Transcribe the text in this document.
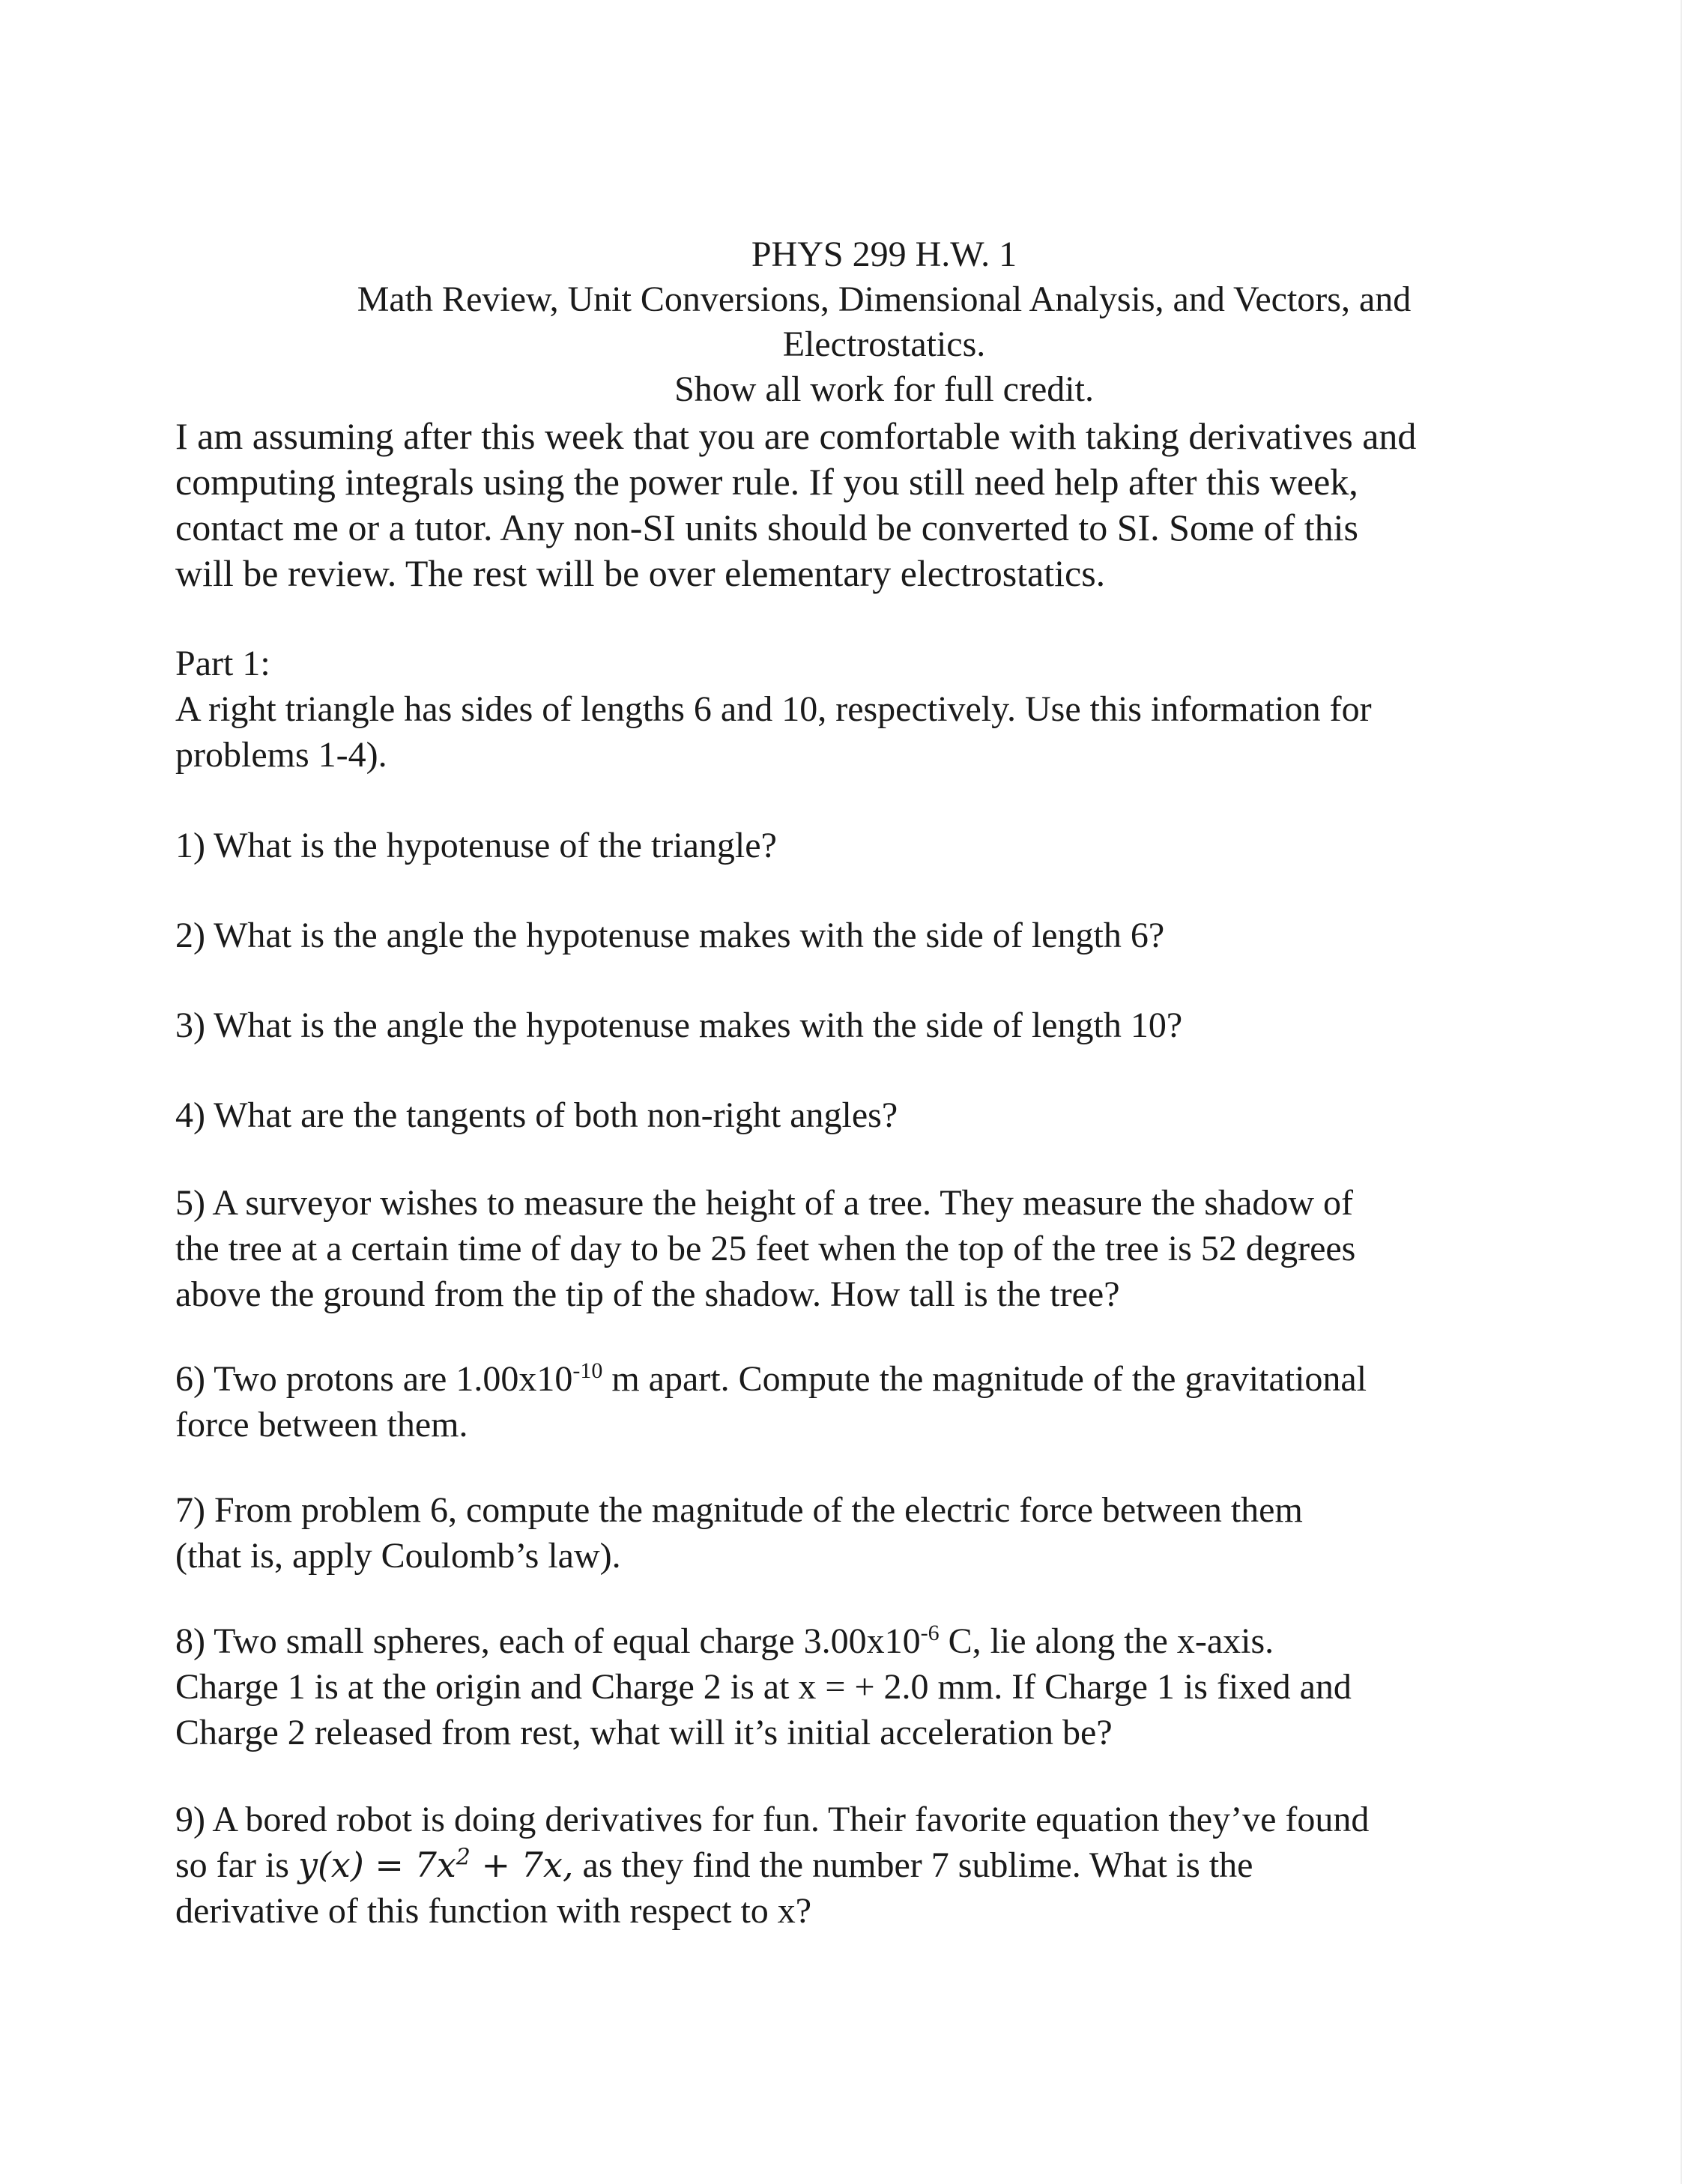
PHYS 299 H.W. 1
Math Review, Unit Conversions, Dimensional Analysis, and Vectors, and
Electrostatics.
Show all work for full credit.
I am assuming after this week that you are comfortable with taking derivatives and
computing integrals using the power rule. If you still need help after this week,
contact me or a tutor. Any non-SI units should be converted to SI. Some of this
will be review. The rest will be over elementary electrostatics.
Part 1:
A right triangle has sides of lengths 6 and 10, respectively. Use this information for
problems 1-4).
1) What is the hypotenuse of the triangle?
2) What is the angle the hypotenuse makes with the side of length 6?
3) What is the angle the hypotenuse makes with the side of length 10?
4) What are the tangents of both non-right angles?
5) A surveyor wishes to measure the height of a tree. They measure the shadow of
the tree at a certain time of day to be 25 feet when the top of the tree is 52 degrees
above the ground from the tip of the shadow. How tall is the tree?
6) Two protons are $1.00x10^{-10}$ m apart. Compute the magnitude of the gravitational
force between them.
7) From problem 6, compute the magnitude of the electric force between them
(that is, apply Coulomb’s law).
8) Two small spheres, each of equal charge $3.00x10^{-6}$ C, lie along the x-axis.
Charge 1 is at the origin and Charge 2 is at x = + 2.0 mm. If Charge 1 is fixed and
Charge 2 released from rest, what will it’s initial acceleration be?
9) A bored robot is doing derivatives for fun. Their favorite equation they’ve found
so far is $y(x) = 7x^2 + 7x$, as they find the number 7 sublime. What is the
derivative of this function with respect to x?
